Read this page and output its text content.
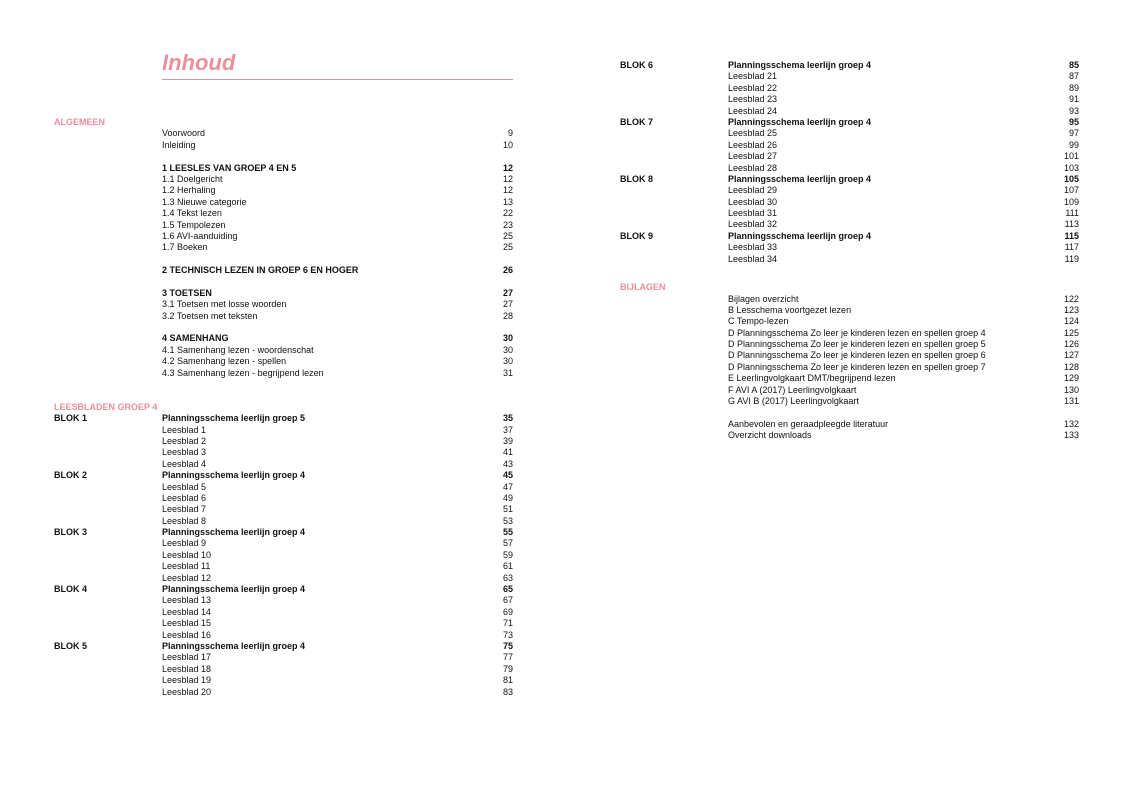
Inhoud
ALGEMEEN
Voorwoord	9
Inleiding	10
1 LEESLES VAN GROEP 4 EN 5	12
1.1 Doelgericht	12
1.2 Herhaling	12
1.3 Nieuwe categorie	13
1.4 Tekst lezen	22
1.5 Tempolezen	23
1.6 AVI-aanduiding	25
1.7 Boeken	25
2 TECHNISCH LEZEN IN GROEP 6 EN HOGER	26
3 TOETSEN	27
3.1 Toetsen met losse woorden	27
3.2 Toetsen met teksten	28
4 SAMENHANG	30
4.1 Samenhang lezen - woordenschat	30
4.2 Samenhang lezen - spellen	30
4.3 Samenhang lezen - begrijpend lezen	31
LEESBLADEN GROEP 4
BLOK 1	Planningsschema leerlijn groep 5	35
Leesblad 1	37
Leesblad 2	39
Leesblad 3	41
Leesblad 4	43
BLOK 2	Planningsschema leerlijn groep 4	45
Leesblad 5	47
Leesblad 6	49
Leesblad 7	51
Leesblad 8	53
BLOK 3	Planningsschema leerlijn groep 4	55
Leesblad 9	57
Leesblad 10	59
Leesblad 11	61
Leesblad 12	63
BLOK 4	Planningsschema leerlijn groep 4	65
Leesblad 13	67
Leesblad 14	69
Leesblad 15	71
Leesblad 16	73
BLOK 5	Planningsschema leerlijn groep 4	75
Leesblad 17	77
Leesblad 18	79
Leesblad 19	81
Leesblad 20	83
BLOK 6	Planningsschema leerlijn groep 4	85
Leesblad 21	87
Leesblad 22	89
Leesblad 23	91
Leesblad 24	93
BLOK 7	Planningsschema leerlijn groep 4	95
Leesblad 25	97
Leesblad 26	99
Leesblad 27	101
Leesblad 28	103
BLOK 8	Planningsschema leerlijn groep 4	105
Leesblad 29	107
Leesblad 30	109
Leesblad 31	111
Leesblad 32	113
BLOK 9	Planningsschema leerlijn groep 4	115
Leesblad 33	117
Leesblad 34	119
BIJLAGEN
Bijlagen overzicht	122
B Lesschema voortgezet lezen	123
C Tempo-lezen	124
D Planningsschema Zo leer je kinderen lezen en spellen groep 4	125
D Planningsschema Zo leer je kinderen lezen en spellen groep 5	126
D Planningsschema Zo leer je kinderen lezen en spellen groep 6	127
D Planningsschema Zo leer je kinderen lezen en spellen groep 7	128
E Leerlingvolgkaart DMT/begrijpend lezen	129
F AVI A (2017) Leerlingvolgkaart	130
G AVI B (2017) Leerlingvolgkaart	131
Aanbevolen en geraadpleegde literatuur	132
Overzicht downloads	133
